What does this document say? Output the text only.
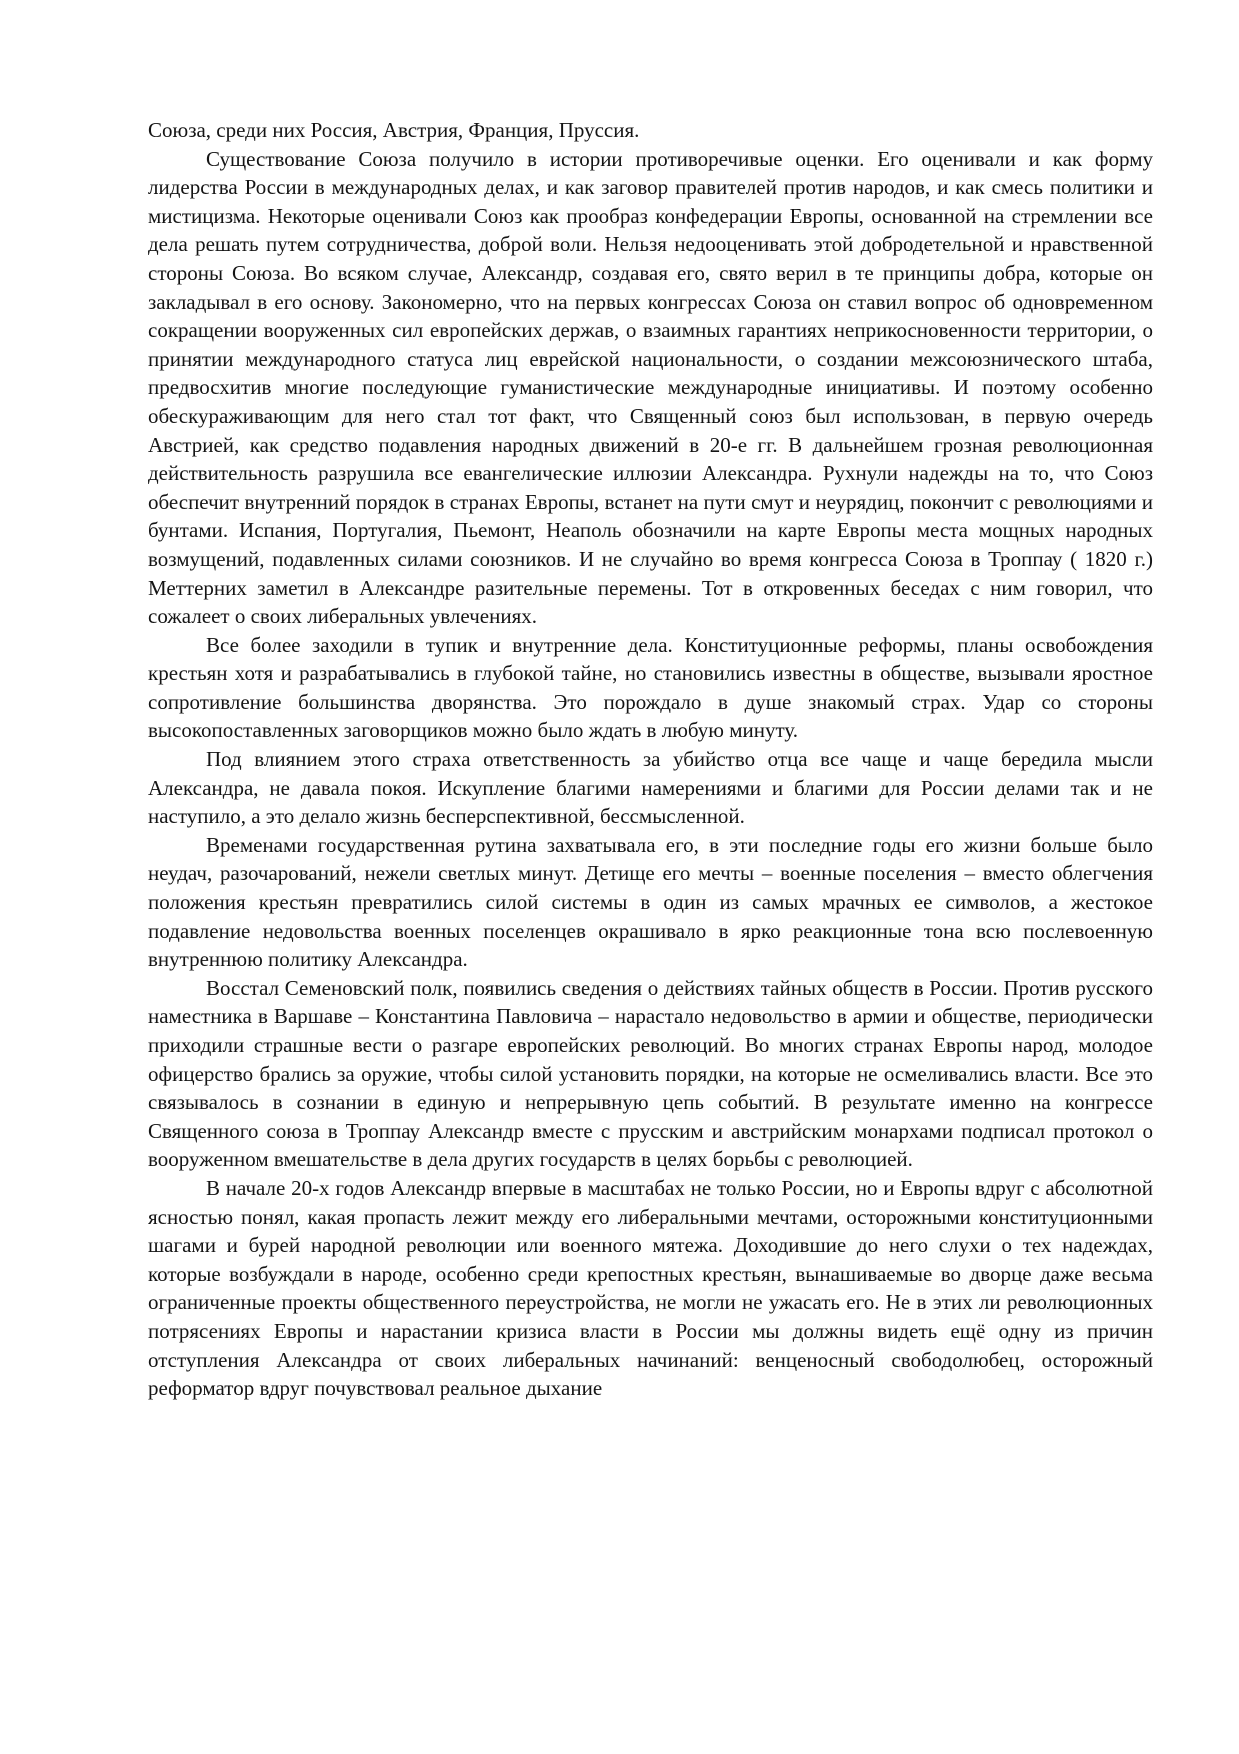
Союза, среди них Россия, Австрия, Франция, Пруссия.

Существование Союза получило в истории противоречивые оценки. Его оценивали и как форму лидерства России в международных делах, и как заговор правителей против народов, и как смесь политики и мистицизма. Некоторые оценивали Союз как прообраз конфедерации Европы, основанной на стремлении все дела решать путем сотрудничества, доброй воли. Нельзя недооценивать этой добродетельной и нравственной стороны Союза. Во всяком случае, Александр, создавая его, свято верил в те принципы добра, которые он закладывал в его основу. Закономерно, что на первых конгрессах Союза он ставил вопрос об одновременном сокращении вооруженных сил европейских держав, о взаимных гарантиях неприкосновенности территории, о принятии международного статуса лиц еврейской национальности, о создании межсоюзнического штаба, предвосхитив многие последующие гуманистические международные инициативы. И поэтому особенно обескураживающим для него стал тот факт, что Священный союз был использован, в первую очередь Австрией, как средство подавления народных движений в 20-е гг. В дальнейшем грозная революционная действительность разрушила все евангелические иллюзии Александра. Рухнули надежды на то, что Союз обеспечит внутренний порядок в странах Европы, встанет на пути смут и неурядиц, покончит с революциями и бунтами. Испания, Португалия, Пьемонт, Неаполь обозначили на карте Европы места мощных народных возмущений, подавленных силами союзников. И не случайно во время конгресса Союза в Троппау ( 1820 г.) Меттерних заметил в Александре разительные перемены. Тот в откровенных беседах с ним говорил, что сожалеет о своих либеральных увлечениях.

Все более заходили в тупик и внутренние дела. Конституционные реформы, планы освобождения крестьян хотя и разрабатывались в глубокой тайне, но становились известны в обществе, вызывали яростное сопротивление большинства дворянства. Это порождало в душе знакомый страх. Удар со стороны высокопоставленных заговорщиков можно было ждать в любую минуту.

Под влиянием этого страха ответственность за убийство отца все чаще и чаще бередила мысли Александра, не давала покоя. Искупление благими намерениями и благими для России делами так и не наступило, а это делало жизнь бесперспективной, бессмысленной.

Временами государственная рутина захватывала его, в эти последние годы его жизни больше было неудач, разочарований, нежели светлых минут. Детище его мечты – военные поселения – вместо облегчения положения крестьян превратились силой системы в один из самых мрачных ее символов, а жестокое подавление недовольства военных поселенцев окрашивало в ярко реакционные тона всю послевоенную внутреннюю политику Александра.

Восстал Семеновский полк, появились сведения о действиях тайных обществ в России. Против русского наместника в Варшаве – Константина Павловича – нарастало недовольство в армии и обществе, периодически приходили страшные вести о разгаре европейских революций. Во многих странах Европы народ, молодое офицерство брались за оружие, чтобы силой установить порядки, на которые не осмеливались власти. Все это связывалось в сознании в единую и непрерывную цепь событий. В результате именно на конгрессе Священного союза в Троппау Александр вместе с прусским и австрийским монархами подписал протокол о вооруженном вмешательстве в дела других государств в целях борьбы с революцией.

В начале 20-х годов Александр впервые в масштабах не только России, но и Европы вдруг с абсолютной ясностью понял, какая пропасть лежит между его либеральными мечтами, осторожными конституционными шагами и бурей народной революции или военного мятежа. Доходившие до него слухи о тех надеждах, которые возбуждали в народе, особенно среди крепостных крестьян, вынашиваемые во дворце даже весьма ограниченные проекты общественного переустройства, не могли не ужасать его. Не в этих ли революционных потрясениях Европы и нарастании кризиса власти в России мы должны видеть ещё одну из причин отступления Александра от своих либеральных начинаний: венценосный свободолюбец, осторожный реформатор вдруг почувствовал реальное дыхание
